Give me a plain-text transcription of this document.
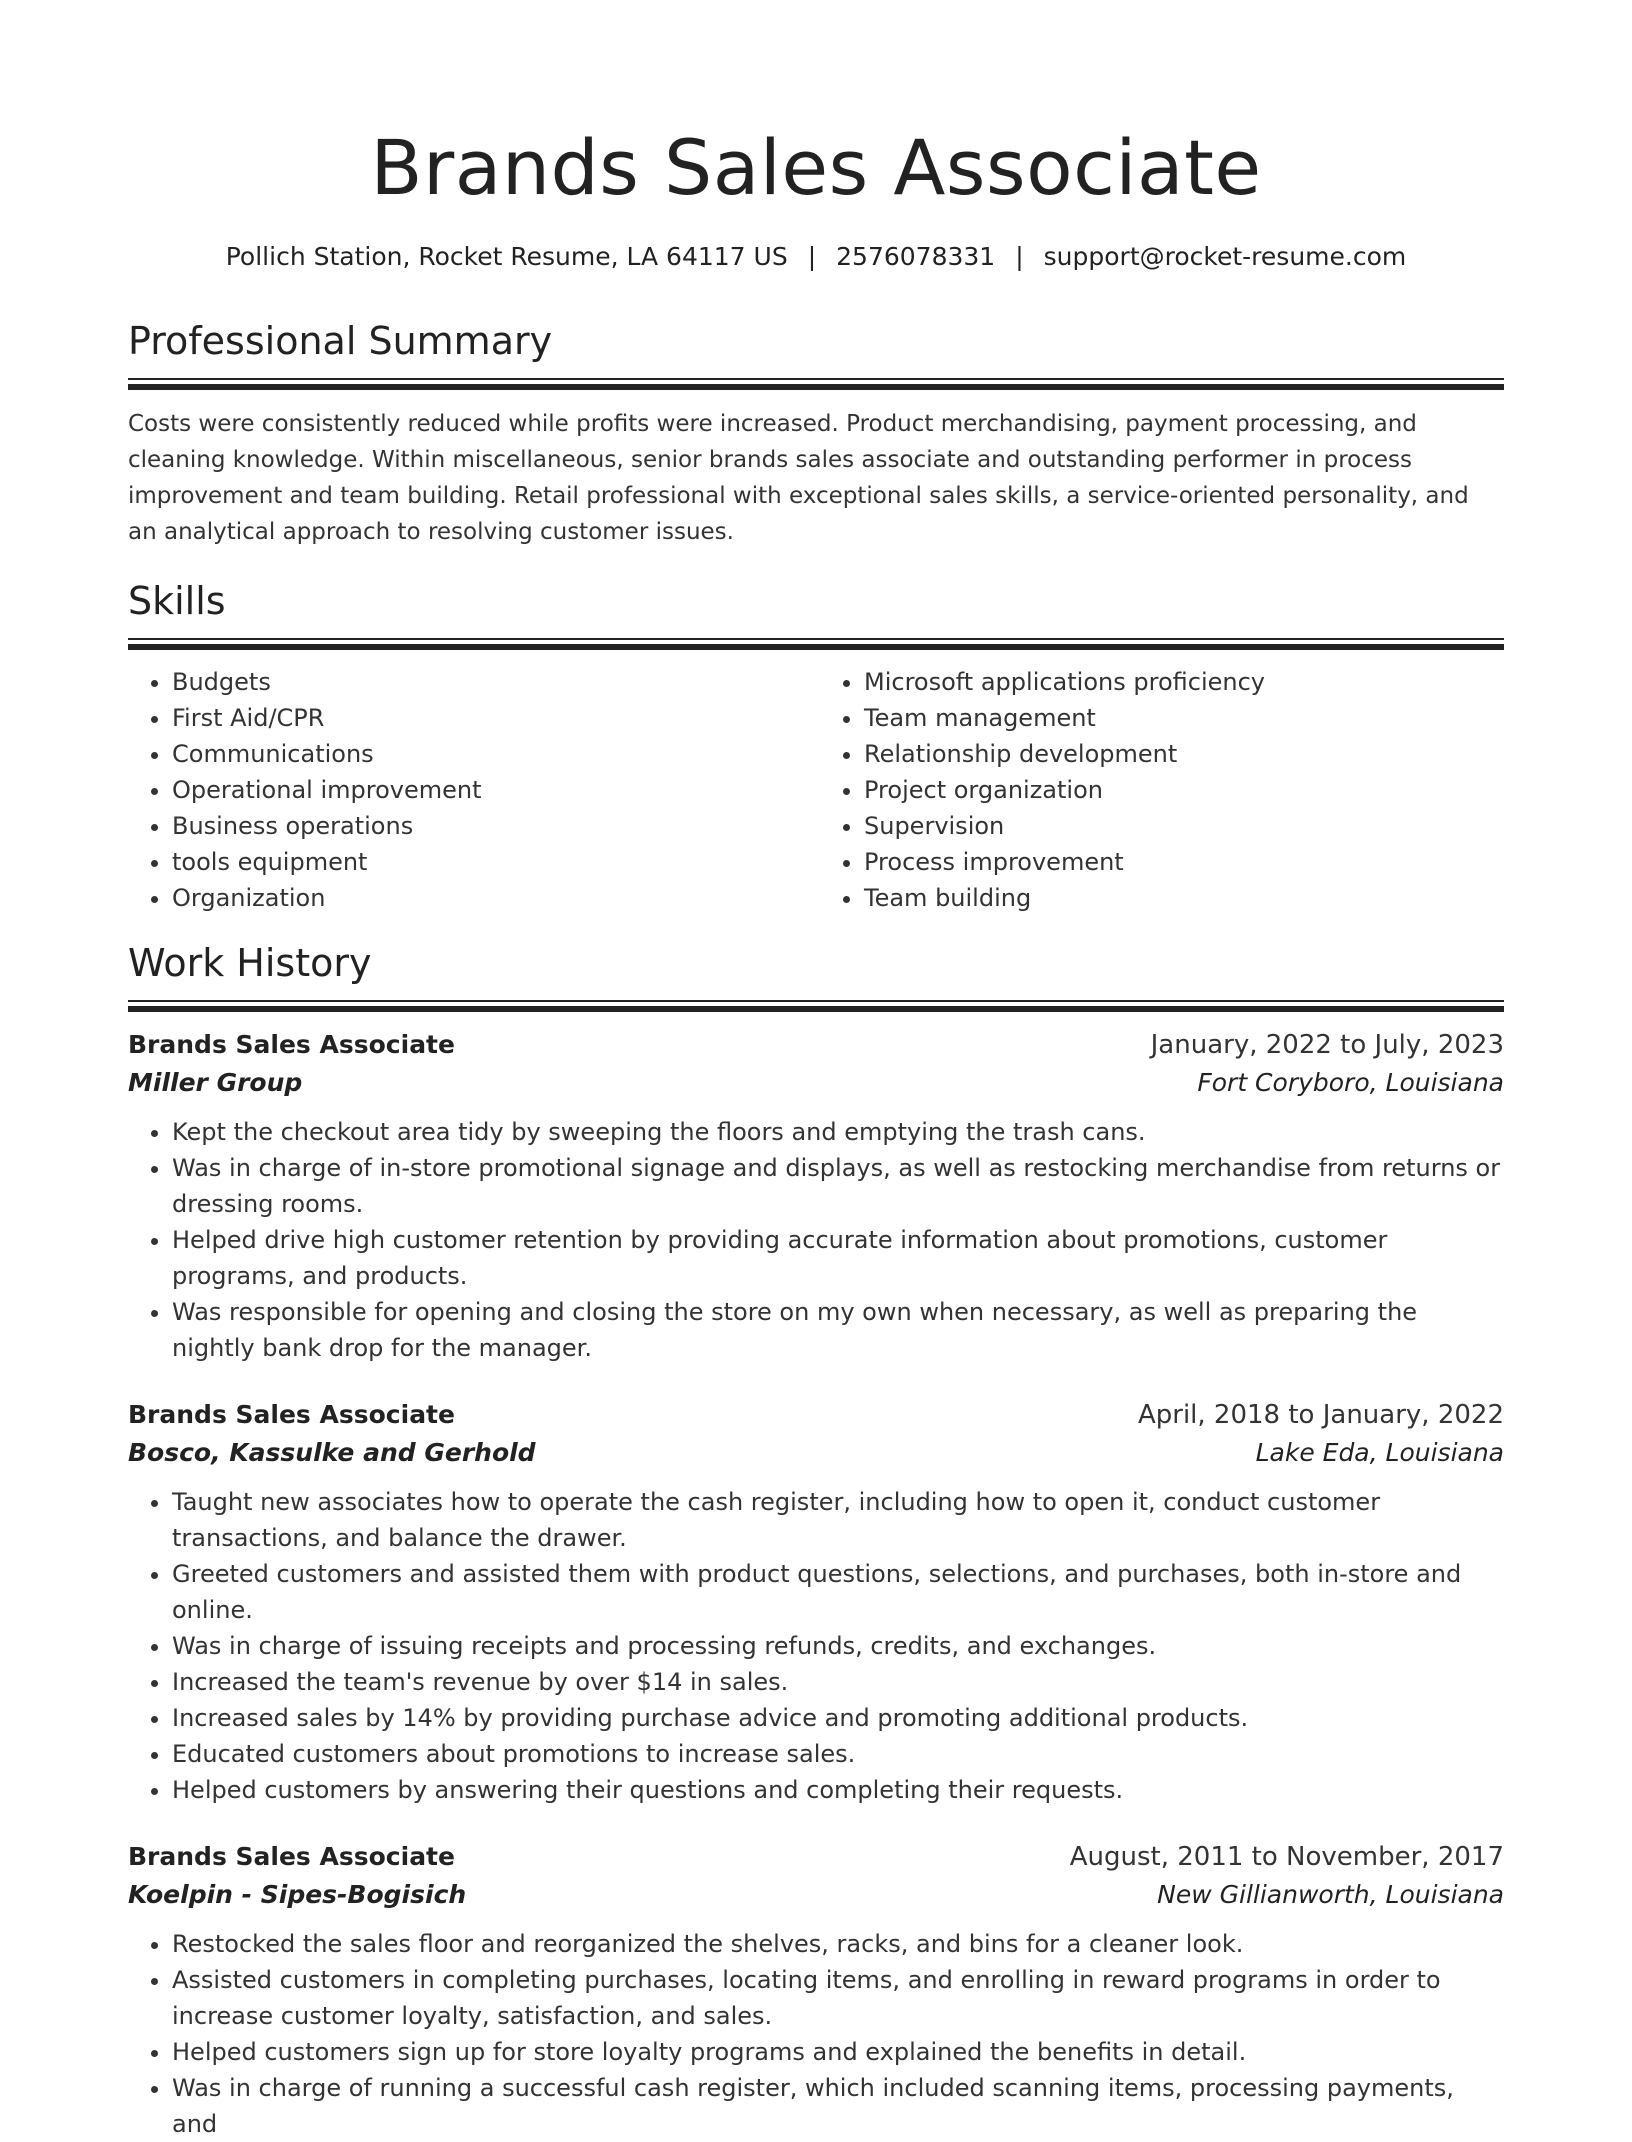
Brands Sales Associate
Pollich Station, Rocket Resume, LA 64117 US | 2576078331 | support@rocket-resume.com
Professional Summary

Costs were consistently reduced while profits were increased. Product merchandising, payment processing, and cleaning knowledge. Within miscellaneous, senior brands sales associate and outstanding performer in process improvement and team building. Retail professional with exceptional sales skills, a service-oriented personality, and an analytical approach to resolving customer issues.

Skills
• Budgets
• First Aid/CPR
• Communications
• Operational improvement
• Business operations
• tools equipment
• Organization
• Microsoft applications proficiency
• Team management
• Relationship development
• Project organization
• Supervision
• Process improvement
• Team building
Work History
Brands Sales Associate	January, 2022 to July, 2023
Miller Group	Fort Coryboro, Louisiana
• Kept the checkout area tidy by sweeping the floors and emptying the trash cans.
• Was in charge of in-store promotional signage and displays, as well as restocking merchandise from returns or dressing rooms.
• Helped drive high customer retention by providing accurate information about promotions, customer programs, and products.
• Was responsible for opening and closing the store on my own when necessary, as well as preparing the nightly bank drop for the manager.
Brands Sales Associate	April, 2018 to January, 2022
Bosco, Kassulke and Gerhold	Lake Eda, Louisiana
• Taught new associates how to operate the cash register, including how to open it, conduct customer transactions, and balance the drawer.
• Greeted customers and assisted them with product questions, selections, and purchases, both in-store and online.
• Was in charge of issuing receipts and processing refunds, credits, and exchanges.
• Increased the team's revenue by over $14 in sales.
• Increased sales by 14% by providing purchase advice and promoting additional products.
• Educated customers about promotions to increase sales.
• Helped customers by answering their questions and completing their requests.
Brands Sales Associate	August, 2011 to November, 2017
Koelpin - Sipes-Bogisich	New Gillianworth, Louisiana
• Restocked the sales floor and reorganized the shelves, racks, and bins for a cleaner look.
• Assisted customers in completing purchases, locating items, and enrolling in reward programs in order to increase customer loyalty, satisfaction, and sales.
• Helped customers sign up for store loyalty programs and explained the benefits in detail.
• Was in charge of running a successful cash register, which included scanning items, processing payments, and
